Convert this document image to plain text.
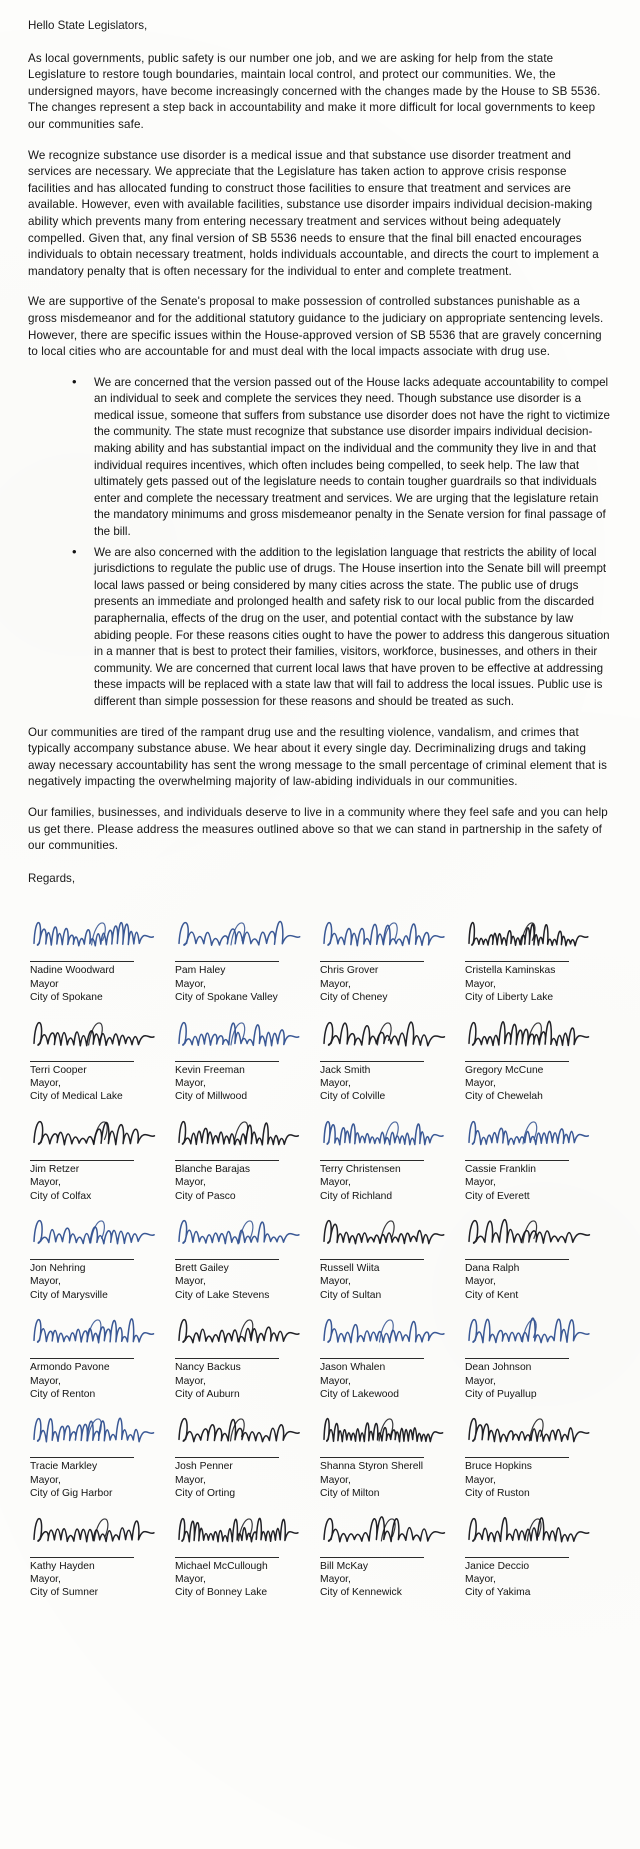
Hello State Legislators,

As local governments, public safety is our number one job, and we are asking for help from the state Legislature to restore tough boundaries, maintain local control, and protect our communities. We, the undersigned mayors, have become increasingly concerned with the changes made by the House to SB 5536. The changes represent a step back in accountability and make it more difficult for local governments to keep our communities safe.

We recognize substance use disorder is a medical issue and that substance use disorder treatment and services are necessary. We appreciate that the Legislature has taken action to approve crisis response facilities and has allocated funding to construct those facilities to ensure that treatment and services are available. However, even with available facilities, substance use disorder impairs individual decision-making ability which prevents many from entering necessary treatment and services without being adequately compelled. Given that, any final version of SB 5536 needs to ensure that the final bill enacted encourages individuals to obtain necessary treatment, holds individuals accountable, and directs the court to implement a mandatory penalty that is often necessary for the individual to enter and complete treatment.

We are supportive of the Senate's proposal to make possession of controlled substances punishable as a gross misdemeanor and for the additional statutory guidance to the judiciary on appropriate sentencing levels. However, there are specific issues within the House-approved version of SB 5536 that are gravely concerning to local cities who are accountable for and must deal with the local impacts associate with drug use.

• We are concerned that the version passed out of the House lacks adequate accountability to compel an individual to seek and complete the services they need. Though substance use disorder is a medical issue, someone that suffers from substance use disorder does not have the right to victimize the community. The state must recognize that substance use disorder impairs individual decision-making ability and has substantial impact on the individual and the community they live in and that individual requires incentives, which often includes being compelled, to seek help. The law that ultimately gets passed out of the legislature needs to contain tougher guardrails so that individuals enter and complete the necessary treatment and services. We are urging that the legislature retain the mandatory minimums and gross misdemeanor penalty in the Senate version for final passage of the bill.
• We are also concerned with the addition to the legislation language that restricts the ability of local jurisdictions to regulate the public use of drugs. The House insertion into the Senate bill will preempt local laws passed or being considered by many cities across the state. The public use of drugs presents an immediate and prolonged health and safety risk to our local public from the discarded paraphernalia, effects of the drug on the user, and potential contact with the substance by law abiding people. For these reasons cities ought to have the power to address this dangerous situation in a manner that is best to protect their families, visitors, workforce, businesses, and others in their community. We are concerned that current local laws that have proven to be effective at addressing these impacts will be replaced with a state law that will fail to address the local issues. Public use is different than simple possession for these reasons and should be treated as such.

Our communities are tired of the rampant drug use and the resulting violence, vandalism, and crimes that typically accompany substance abuse. We hear about it every single day. Decriminalizing drugs and taking away necessary accountability has sent the wrong message to the small percentage of criminal element that is negatively impacting the overwhelming majority of law-abiding individuals in our communities.

Our families, businesses, and individuals deserve to live in a community where they feel safe and you can help us get there. Please address the measures outlined above so that we can stand in partnership in the safety of our communities.

Regards,

Nadine Woodward
Mayor
City of Spokane
Pam Haley
Mayor,
City of Spokane Valley
Chris Grover
Mayor,
City of Cheney
Cristella Kaminskas
Mayor,
City of Liberty Lake
Terri Cooper
Mayor,
City of Medical Lake
Kevin Freeman
Mayor,
City of Millwood
Jack Smith
Mayor,
City of Colville
Gregory McCune
Mayor,
City of Chewelah
Jim Retzer
Mayor,
City of Colfax
Blanche Barajas
Mayor,
City of Pasco
Terry Christensen
Mayor,
City of Richland
Cassie Franklin
Mayor,
City of Everett
Jon Nehring
Mayor,
City of Marysville
Brett Gailey
Mayor,
City of Lake Stevens
Russell Wiita
Mayor,
City of Sultan
Dana Ralph
Mayor,
City of Kent
Armondo Pavone
Mayor,
City of Renton
Nancy Backus
Mayor,
City of Auburn
Jason Whalen
Mayor,
City of Lakewood
Dean Johnson
Mayor,
City of Puyallup
Tracie Markley
Mayor,
City of Gig Harbor
Josh Penner
Mayor,
City of Orting
Shanna Styron Sherell
Mayor,
City of Milton
Bruce Hopkins
Mayor,
City of Ruston
Kathy Hayden
Mayor,
City of Sumner
Michael McCullough
Mayor,
City of Bonney Lake
Bill McKay
Mayor,
City of Kennewick
Janice Deccio
Mayor,
City of Yakima
